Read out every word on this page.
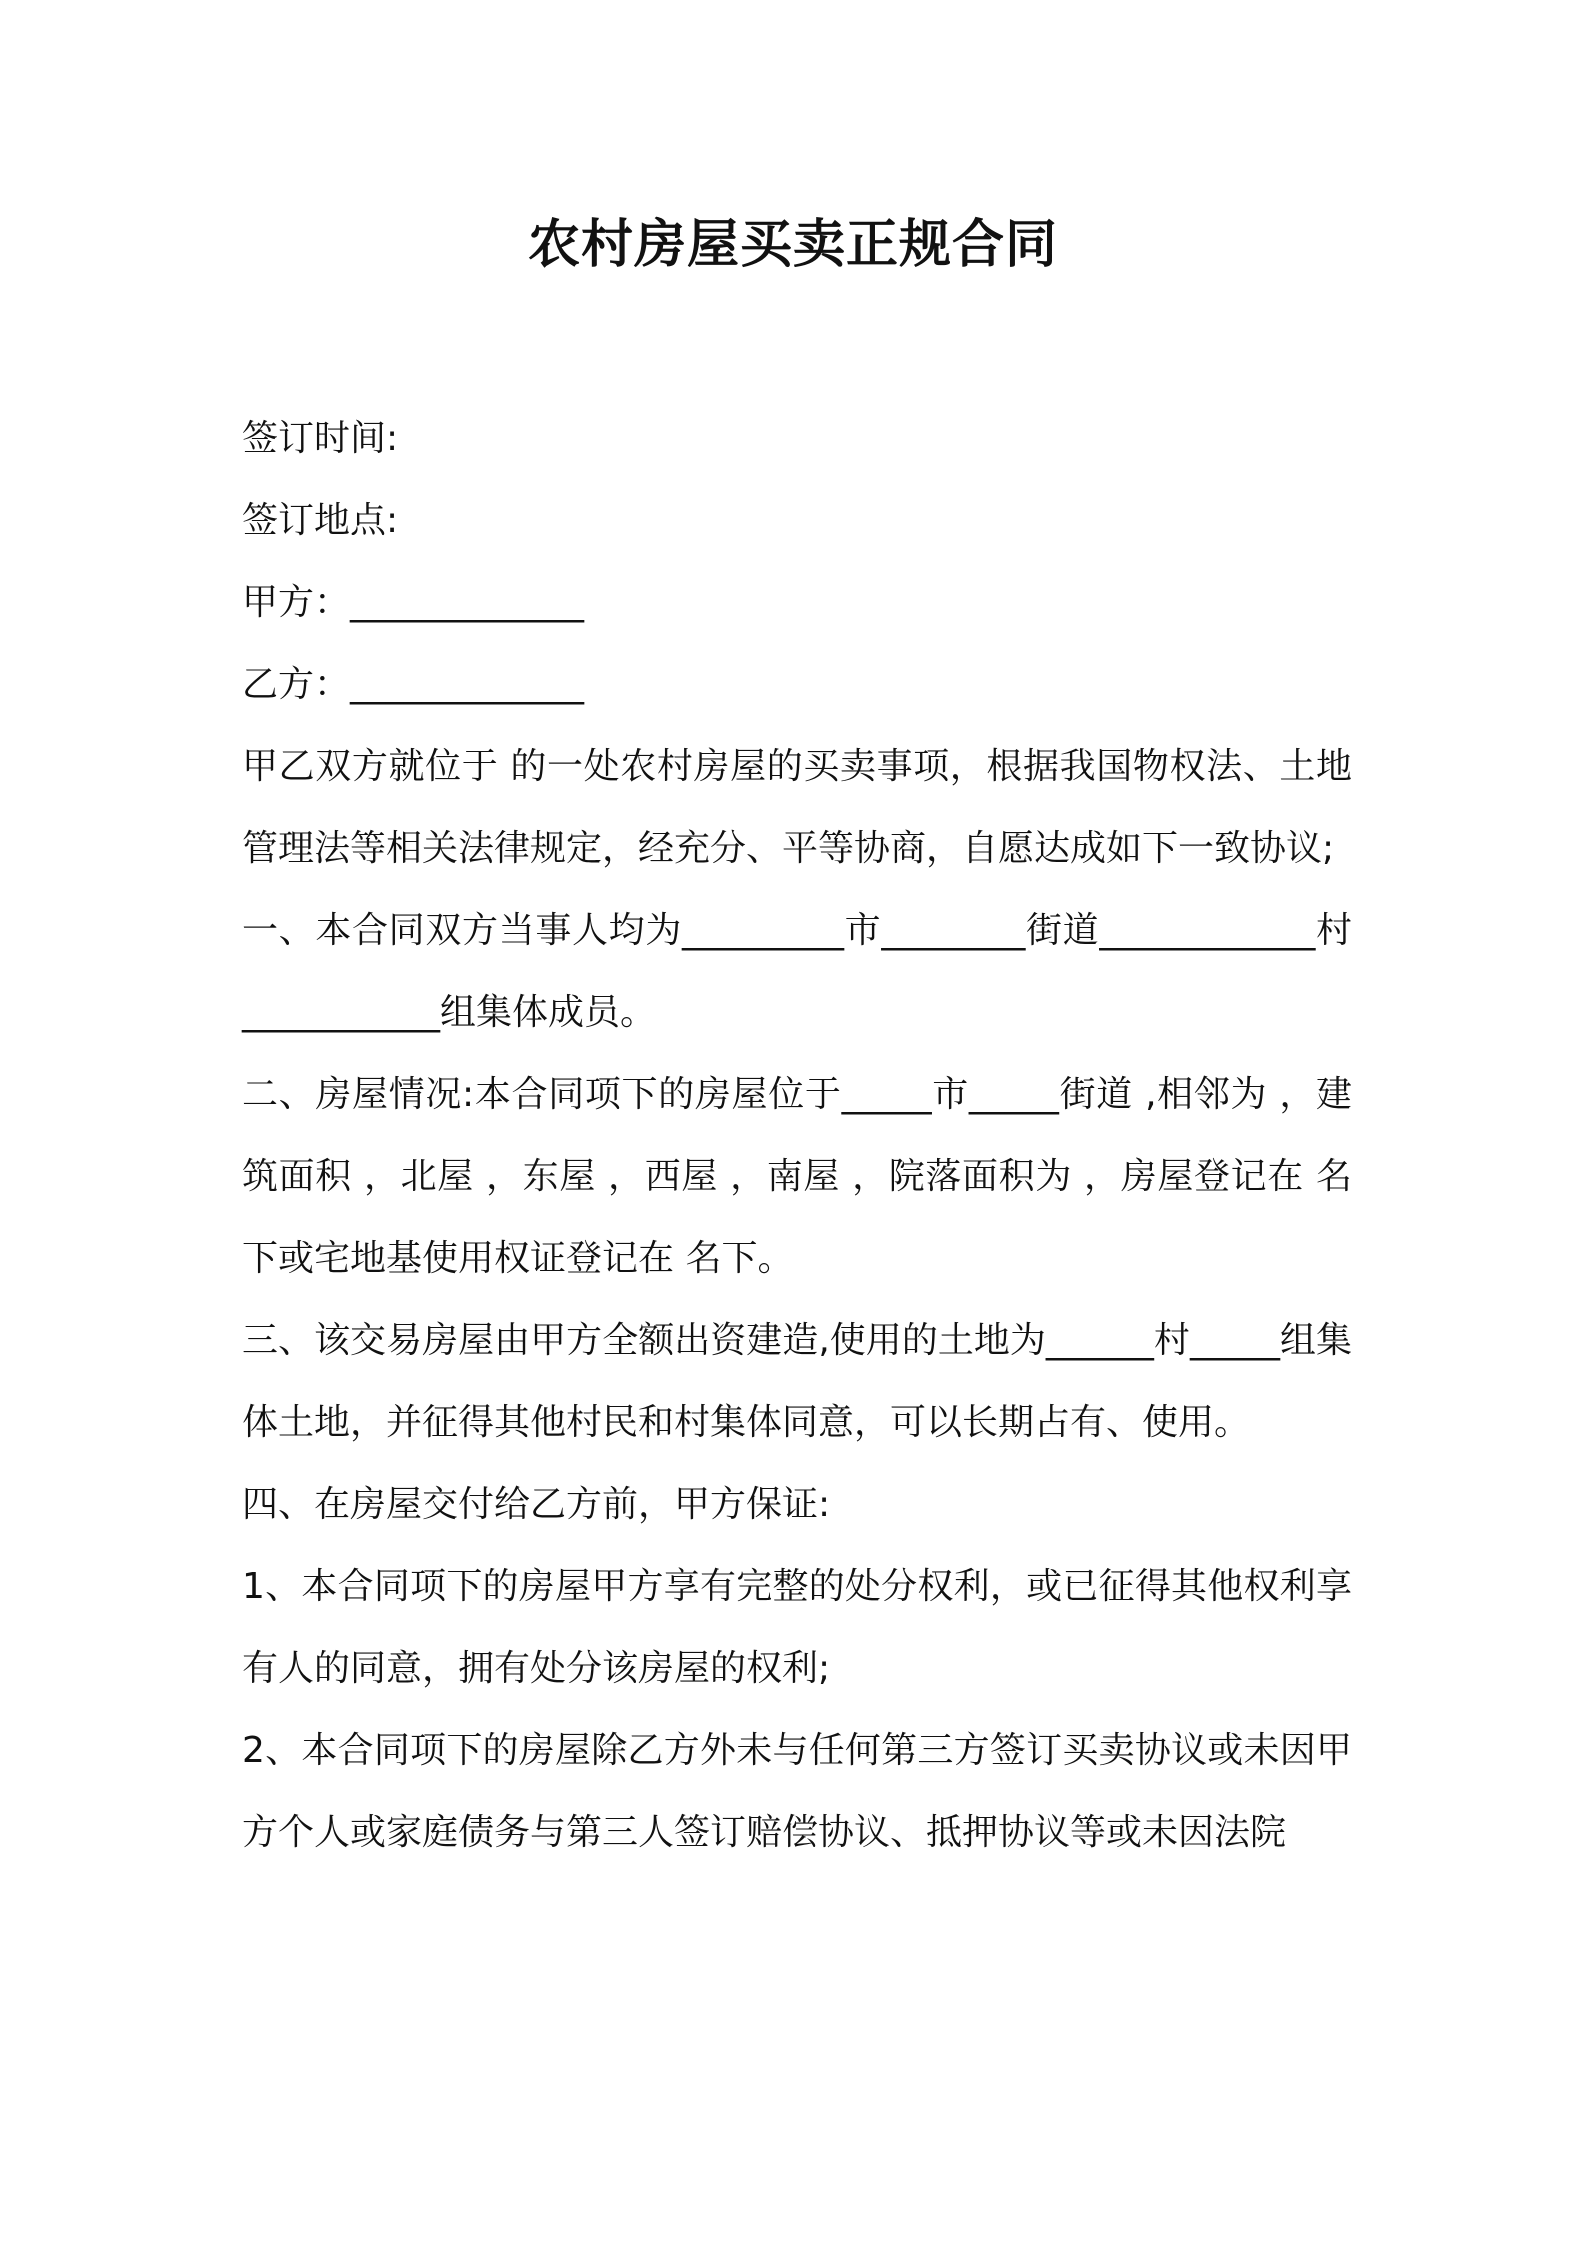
农村房屋买卖正规合同

签订时间:

签订地点:

甲方：_____________

乙方：_____________

甲乙双方就位于 的一处农村房屋的买卖事项，根据我国物权法、土地管理法等相关法律规定，经充分、平等协商，自愿达成如下一致协议;

一、本合同双方当事人均为_________市________街道____________村___________组集体成员。

二、房屋情况:本合同项下的房屋位于_____市_____街道 ,相邻为 ，建筑面积 ，北屋 ，东屋 ，西屋 ，南屋 ，院落面积为 ，房屋登记在 名下或宅地基使用权证登记在 名下。

三、该交易房屋由甲方全额出资建造,使用的土地为______村_____组集体土地，并征得其他村民和村集体同意，可以长期占有、使用。

四、在房屋交付给乙方前，甲方保证:

1、本合同项下的房屋甲方享有完整的处分权利，或已征得其他权利享有人的同意，拥有处分该房屋的权利;

2、本合同项下的房屋除乙方外未与任何第三方签订买卖协议或未因甲方个人或家庭债务与第三人签订赔偿协议、抵押协议等或未因法院
